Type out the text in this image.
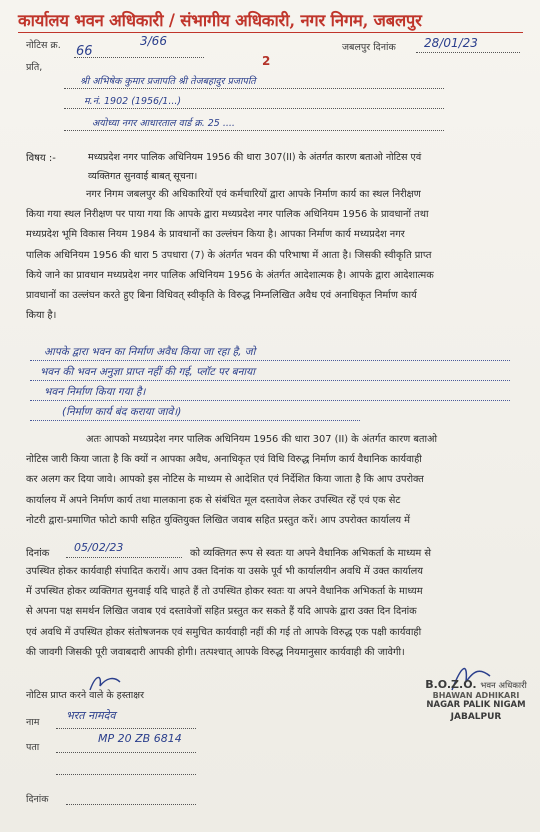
कार्यालय भवन अधिकारी / संभागीय अधिकारी, नगर निगम, जबलपुर
नोटिस क्र. 66
3/66	जबलपुर दिनांक 28/01/23
प्रति,	2
श्री अभिषेक कुमार प्रजापति श्री तेजबहादुर प्रजापति
म.नं. 1902 (1956/1...)
अयोध्या नगर आधारताल वार्ड क्र. 25 ....
विषय :-	मध्यप्रदेश नगर पालिक अधिनियम 1956 की धारा 307(II) के अंतर्गत कारण बताओ नोटिस एवं
व्यक्तिगत सुनवाई बाबत् सूचना।

नगर निगम जबलपुर की अधिकारियों एवं कर्मचारियों द्वारा आपके निर्माण कार्य का स्थल निरीक्षण

किया गया स्थल निरीक्षण पर पाया गया कि आपके द्वारा मध्यप्रदेश नगर पालिक अधिनियम 1956 के प्रावधानों तथा

मध्यप्रदेश भूमि विकास नियम 1984 के प्रावधानों का उल्लंघन किया है। आपका निर्माण कार्य मध्यप्रदेश नगर

पालिक अधिनियम 1956 की धारा 5 उपधारा (7) के अंतर्गत भवन की परिभाषा में आता है। जिसकी स्वीकृति प्राप्त

किये जाने का प्रावधान मध्यप्रदेश नगर पालिक अधिनियम 1956 के अंतर्गत आदेशात्मक है। आपके द्वारा आदेशात्मक

प्रावधानों का उल्लंघन करते हुए बिना विधिवत् स्वीकृति के विरुद्ध निम्नलिखित अवैध एवं अनाधिकृत निर्माण कार्य

किया है।

आपके द्वारा भवन का निर्माण अवैध किया जा रहा है, जो
भवन की भवन अनुज्ञा प्राप्त नहीं की गई, प्लॉट पर बनाया
भवन निर्माण किया गया है।
(निर्माण कार्य बंद कराया जावे।)

अतः आपको मध्यप्रदेश नगर पालिक अधिनियम 1956 की धारा 307 (II) के अंतर्गत कारण बताओ

नोटिस जारी किया जाता है कि क्यों न आपका अवैध, अनाधिकृत एवं विधि विरुद्ध निर्माण कार्य वैधानिक कार्यवाही

कर अलग कर दिया जावे। आपको इस नोटिस के माध्यम से आदेशित एवं निर्देशित किया जाता है कि आप उपरोक्त

कार्यालय में अपने निर्माण कार्य तथा मालकाना हक से संबंधित मूल दस्तावेज लेकर उपस्थित रहें एवं एक सेट

नोटरी द्वारा-प्रमाणित फोटो कापी सहित युक्तियुक्त लिखित जवाब सहित प्रस्तुत करें। आप उपरोक्त कार्यालय में

दिनांक 05/02/23	को व्यक्तिगत रूप से स्वतः या अपने वैधानिक अभिकर्ता के माध्यम से

उपस्थित होकर कार्यवाही संपादित करायें। आप उक्त दिनांक या उसके पूर्व भी कार्यालयीन अवधि में उक्त कार्यालय

में उपस्थित होकर व्यक्तिगत सुनवाई यदि चाहते हैं तो उपस्थित होकर स्वतः या अपने वैधानिक अभिकर्ता के माध्यम

से अपना पक्ष समर्थन लिखित जवाब एवं दस्तावेजों सहित प्रस्तुत कर सकते हैं यदि आपके द्वारा उक्त दिन दिनांक

एवं अवधि में उपस्थित होकर संतोषजनक एवं समुचित कार्यवाही नहीं की गई तो आपके विरुद्ध एक पक्षी कार्यवाही

की जावगी जिसकी पूरी जवाबदारी आपकी होगी। तत्पश्चात् आपके विरुद्ध नियमानुसार कार्यवाही की जावेगी।

नोटिस प्राप्त करने वाले के हस्ताक्षर
नाम
भरत नामदेव
पता
MP 20 ZB 6814
दिनांक
B.O.Z.O. भवन अधिकारी
BHAWAN ADHIKARI
NAGAR PALIK NIGAM
JABALPUR
